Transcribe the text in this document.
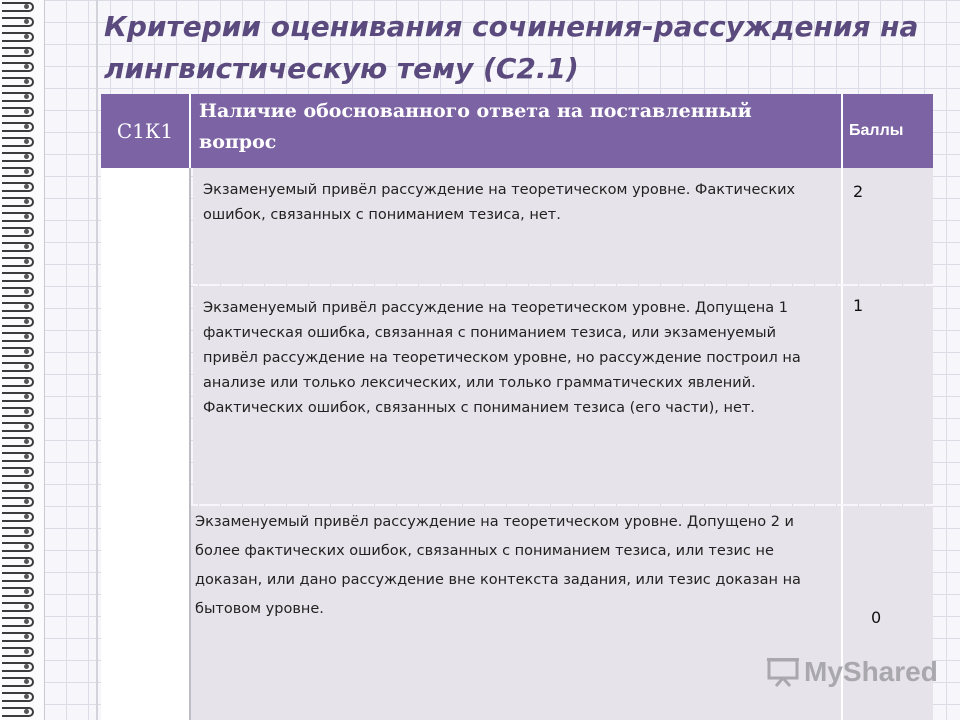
Критерии оценивания сочинения-рассуждения на лингвистическую тему (С2.1)
С1К1
Наличие обоснованного ответа на поставленный вопрос
Баллы
Экзаменуемый привёл рассуждение на теоретическом уровне. Фактических ошибок, связанных с пониманием тезиса, нет.
2
Экзаменуемый привёл рассуждение на теоретическом уровне. Допущена 1 фактическая ошибка, связанная с пониманием тезиса, или экзаменуемый привёл рассуждение на теоретическом уровне, но рассуждение построил на анализе или только лексических, или только грамматических явлений. Фактических ошибок, связанных с пониманием тезиса (его части), нет.
1
Экзаменуемый привёл рассуждение на теоретическом уровне. Допущено 2 и более фактических ошибок, связанных с пониманием тезиса, или тезис не доказан, или дано рассуждение вне контекста задания, или тезис доказан на бытовом уровне.	0
MyShared
